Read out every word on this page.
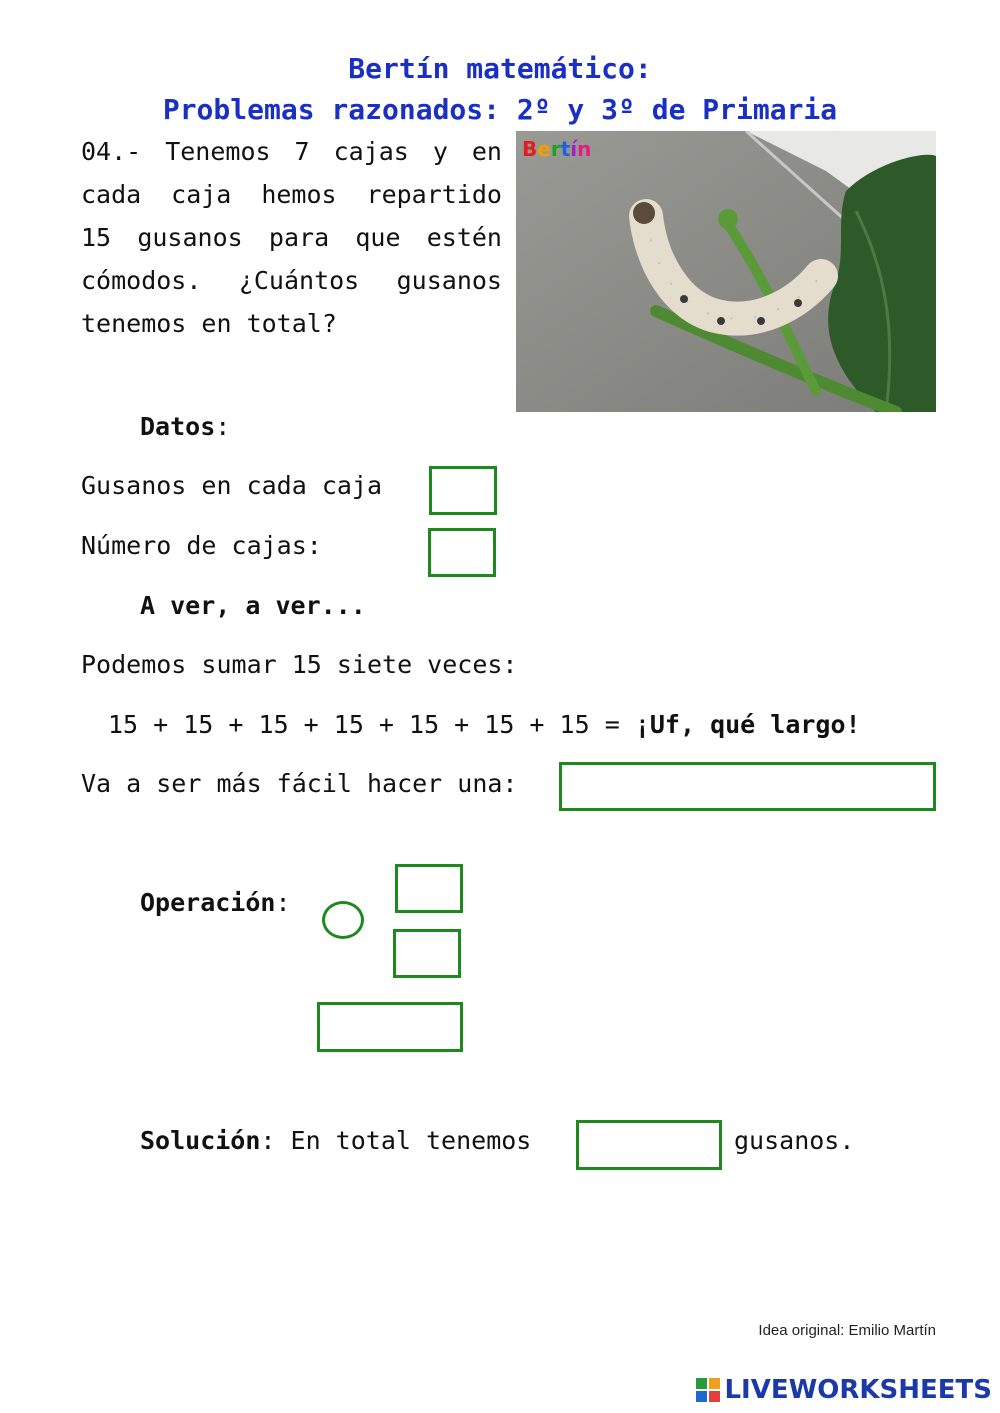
Bertín matemático:
Problemas razonados: 2º y 3º de Primaria
04.- Tenemos 7 cajas y en cada caja hemos repartido 15 gusanos para que estén cómodos. ¿Cuántos gusanos tenemos en total?
Bertín
Datos:
Gusanos en cada caja
Número de cajas:
A ver, a ver...
Podemos sumar 15 siete veces:
15 + 15 + 15 + 15 + 15 + 15 + 15 = ¡Uf, qué largo!
Va a ser más fácil hacer una:
Operación:
Solución: En total tenemos	gusanos.
Idea original: Emilio Martín
LIVEWORKSHEETS
